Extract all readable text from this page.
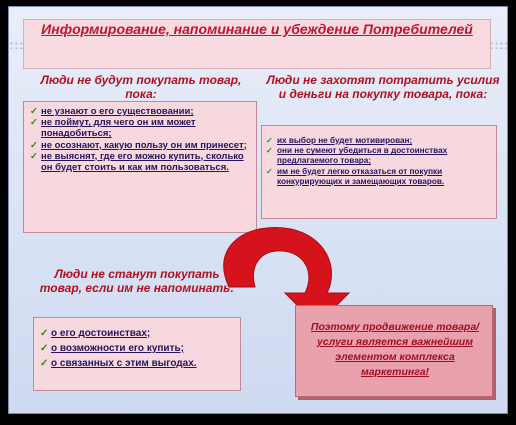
Информирование, напоминание и убеждение Потребителей
Люди не будут покупать товар, пока:
✓ не узнают о его существовании;
✓ не поймут, для чего он им может понадобиться;
✓ не осознают, какую пользу он им принесет;
✓ не выяснят, где его можно купить, сколько он будет стоить и как им пользоваться.
Люди не захотят потратить усилия и деньги на покупку товара, пока:
✓ их выбор не будет мотивирован;
✓ они не сумеют убедиться в достоинствах предлагаемого товара;
✓ им не будет легко отказаться от покупки конкурирующих и замещающих товаров.
Люди не станут покупать товар, если им не напоминать:
✓ о его достоинствах;
✓ о возможности его купить;
✓ о связанных с этим выгодах.
Поэтому продвижение товара/услуги является важнейшим элементом комплекса маркетинга!
